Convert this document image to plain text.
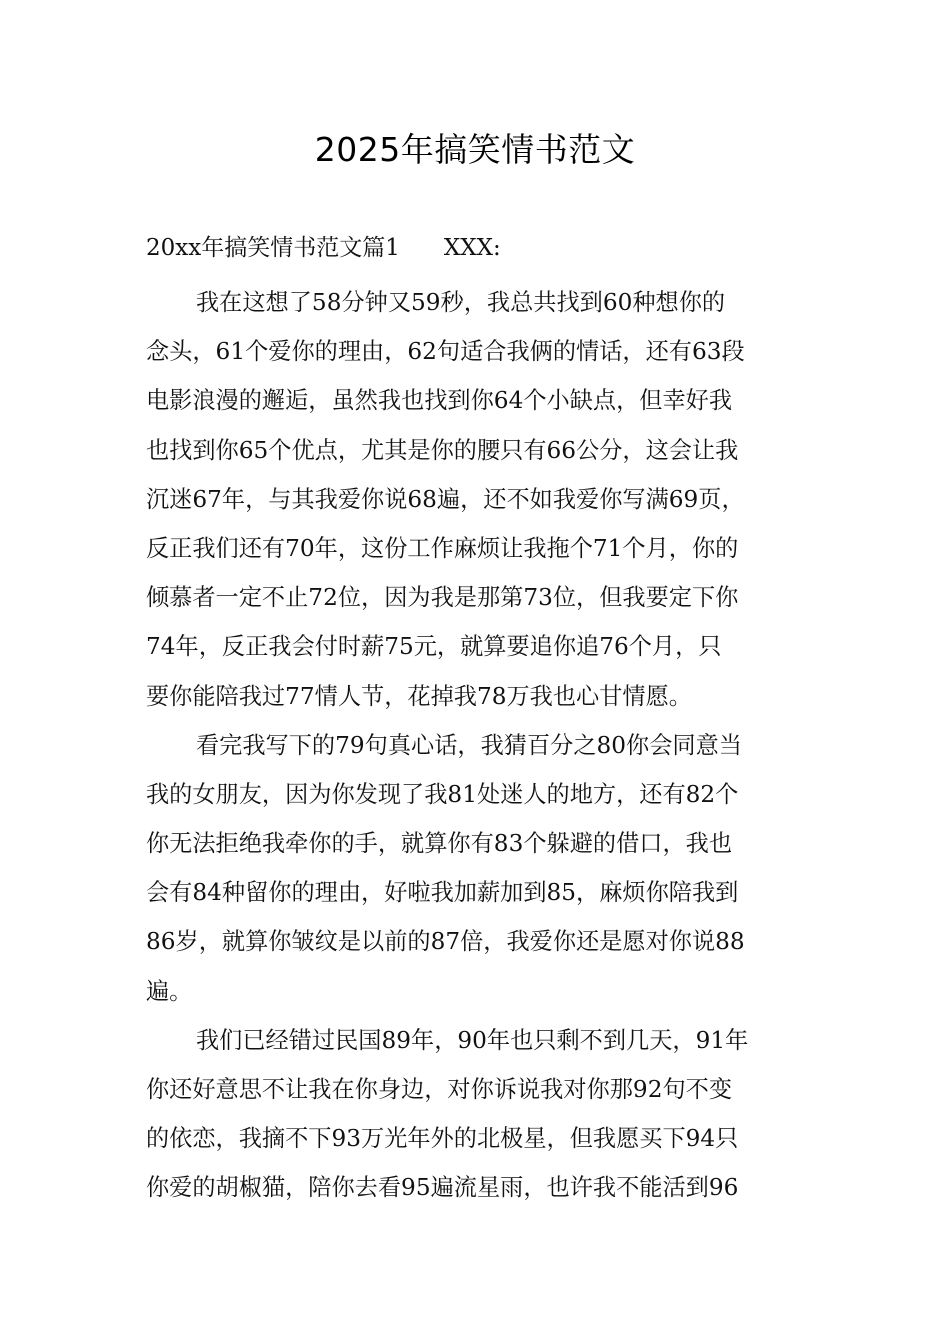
2025年搞笑情书范文
20xx年搞笑情书范文篇1 XXX:
我在这想了58分钟又59秒，我总共找到60种想你的
念头，61个爱你的理由，62句适合我俩的情话，还有63段
电影浪漫的邂逅，虽然我也找到你64个小缺点，但幸好我
也找到你65个优点，尤其是你的腰只有66公分，这会让我
沉迷67年，与其我爱你说68遍，还不如我爱你写满69页，
反正我们还有70年，这份工作麻烦让我拖个71个月，你的
倾慕者一定不止72位，因为我是那第73位，但我要定下你
74年，反正我会付时薪75元，就算要追你追76个月，只
要你能陪我过77情人节，花掉我78万我也心甘情愿。
看完我写下的79句真心话，我猜百分之80你会同意当
我的女朋友，因为你发现了我81处迷人的地方，还有82个
你无法拒绝我牵你的手，就算你有83个躲避的借口，我也
会有84种留你的理由，好啦我加薪加到85，麻烦你陪我到
86岁，就算你皱纹是以前的87倍，我爱你还是愿对你说88
遍。
我们已经错过民国89年，90年也只剩不到几天，91年
你还好意思不让我在你身边，对你诉说我对你那92句不变
的依恋，我摘不下93万光年外的北极星，但我愿买下94只
你爱的胡椒猫，陪你去看95遍流星雨，也许我不能活到96
